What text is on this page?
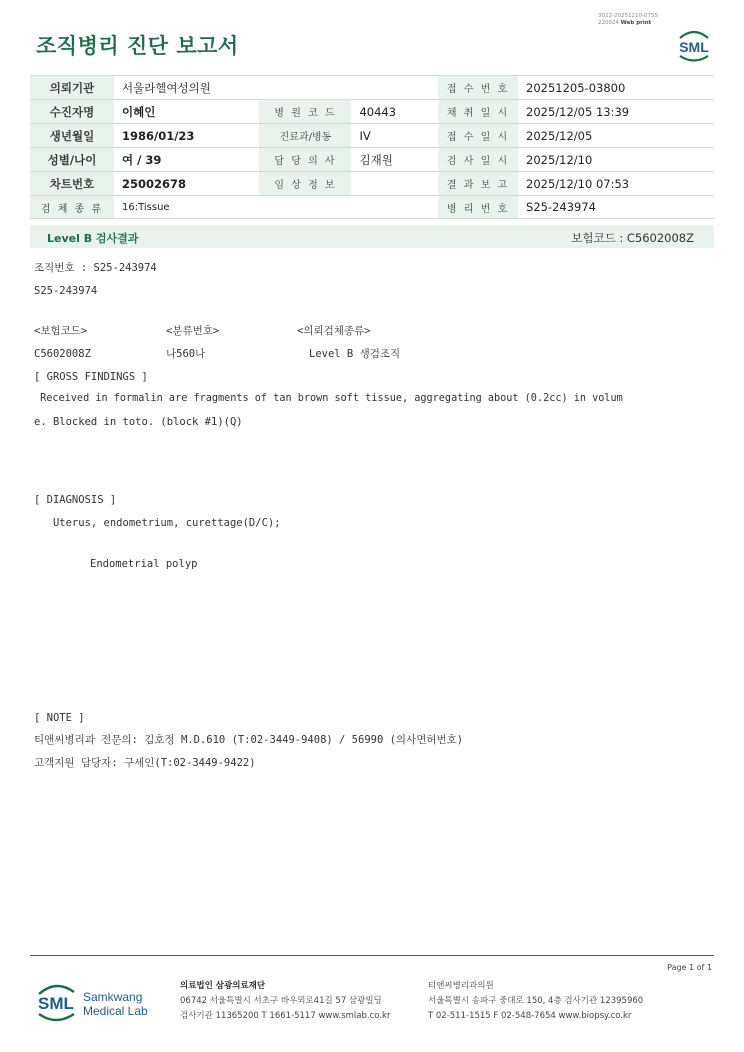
조직병리 진단 보고서
3022-20251210-0755
220024 Web print
SML
의뢰기관	서울라헬여성의원			접 수 번 호	20251205-03800
수진자명	이혜인	병 원 코 드	40443	채 취 일 시	2025/12/05 13:39
생년월일	1986/01/23	진료과/병동	IV	접 수 일 시	2025/12/05
성별/나이	여 / 39	담 당 의 사	김재원	검 사 일 시	2025/12/10
차트번호	25002678	임 상 정 보		결 과 보 고	2025/12/10 07:53
검 체 종 류	16:Tissue			병 리 번 호	S25-243974
Level B 검사결과	보험코드 : C5602008Z
조직번호 : S25-243974
S25-243974
<보험코드>	<분류번호>	<의뢰검체종류>
C5602008Z	나560나	Level B 생검조직
[ GROSS FINDINGS ]
Received in formalin are fragments of tan brown soft tissue, aggregating about (0.2cc) in volum
e. Blocked in toto. (block #1)(Q)
[ DIAGNOSIS ]
Uterus, endometrium, curettage(D/C);
Endometrial polyp
[ NOTE ]
티앤씨병리과 전문의: 김호정 M.D.610 (T:02-3449-9408) / 56990 (의사면허번호)
고객지원 담당자: 구세인(T:02-3449-9422)
Page 1 of 1
SML Samkwang
Medical Lab
의료법인 삼광의료재단
06742 서울특별시 서초구 바우뫼로41길 57 삼광빌딩
검사기관 11365200 T 1661-5117 www.smlab.co.kr
티앤씨병리과의원
서울특별시 송파구 중대로 150, 4층 검사기관 12395960
T 02-511-1515 F 02-548-7654 www.biopsy.co.kr
